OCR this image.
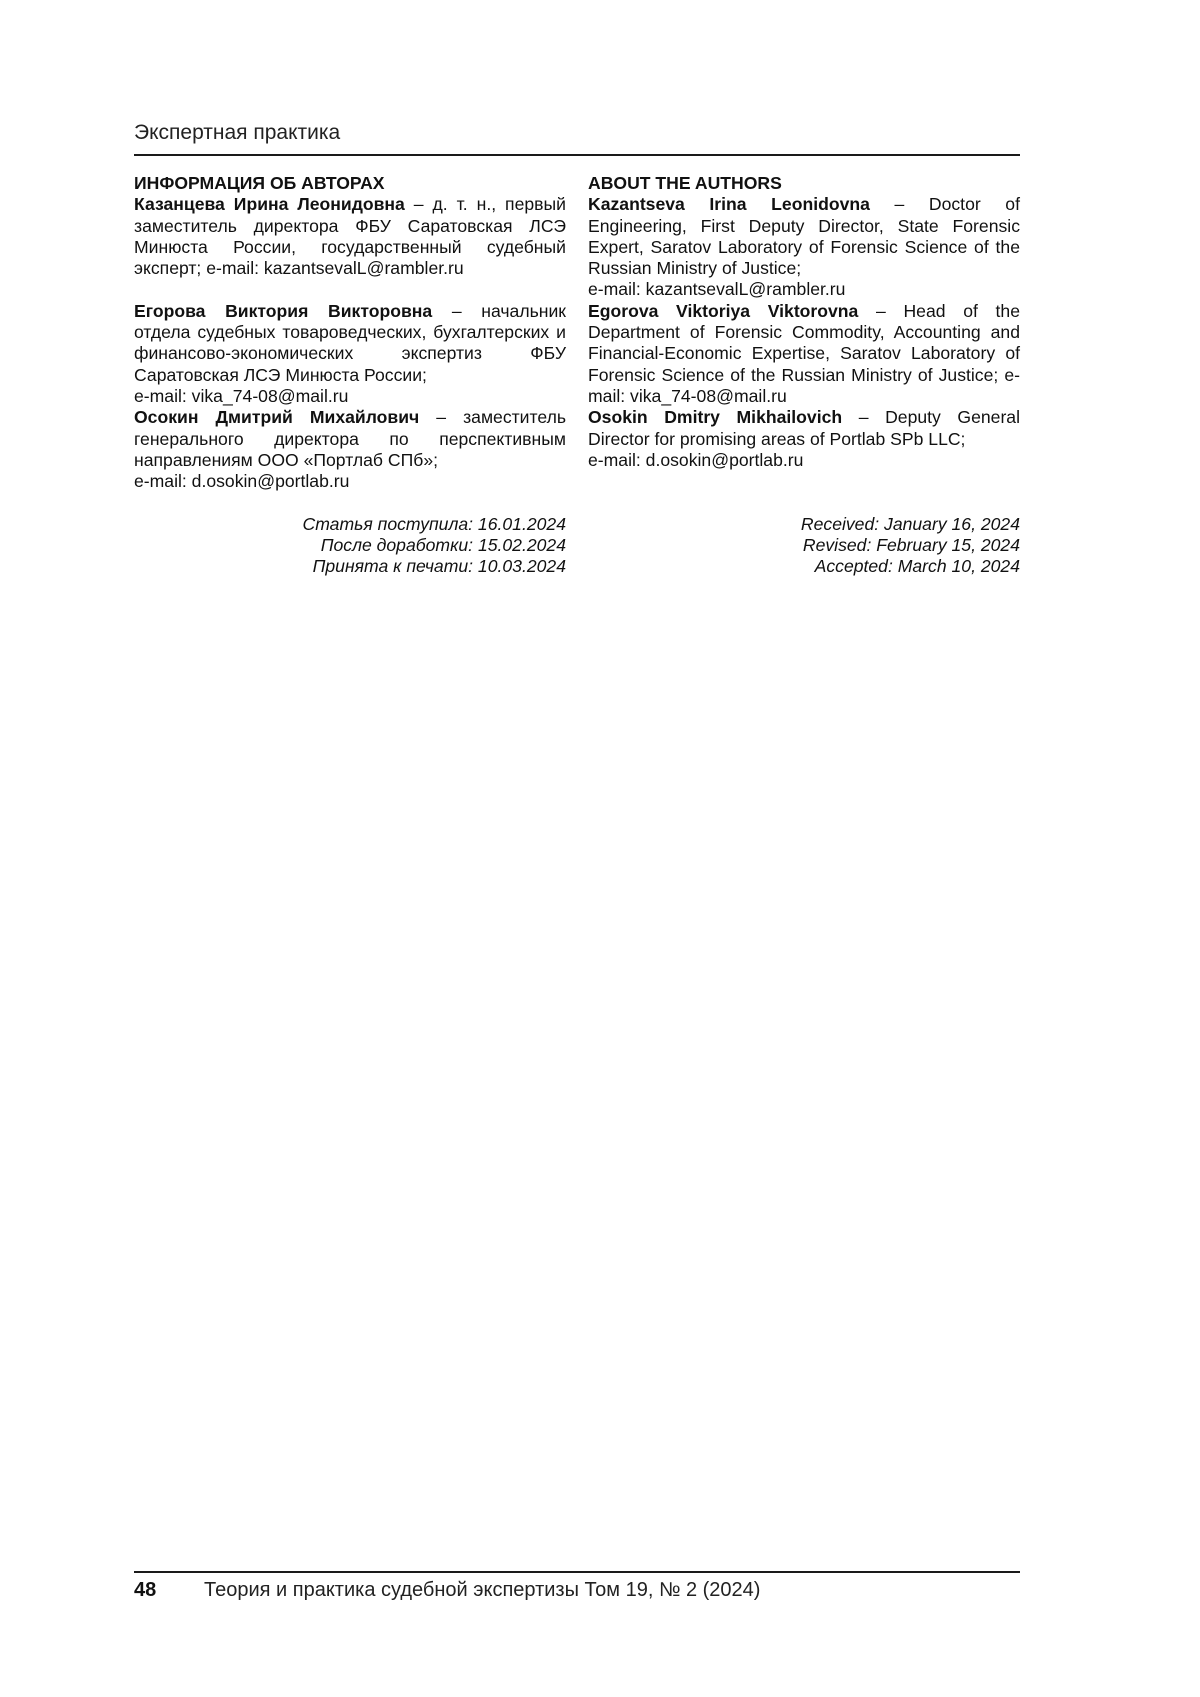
Экспертная практика
ИНФОРМАЦИЯ ОБ АВТОРАХ

Казанцева Ирина Леонидовна – д. т. н., первый заместитель директора ФБУ Саратовская ЛСЭ Минюста России, государственный судебный эксперт; e-mail: kazantsevalL@rambler.ru

Егорова Виктория Викторовна – начальник отдела судебных товароведческих, бухгалтерских и финансово-экономических экспертиз ФБУ Саратовская ЛСЭ Минюста России;

e-mail: vika_74-08@mail.ru

Осокин Дмитрий Михайлович – заместитель генерального директора по перспективным направлениям ООО «Портлаб СПб»;

e-mail: d.osokin@portlab.ru
Статья поступила: 16.01.2024
После доработки: 15.02.2024
Принята к печати: 10.03.2024
ABOUT THE AUTHORS

Kazantseva Irina Leonidovna – Doctor of Engineering, First Deputy Director, State Forensic Expert, Saratov Laboratory of Forensic Science of the Russian Ministry of Justice;

e-mail: kazantsevalL@rambler.ru

Egorova Viktoriya Viktorovna – Head of the Department of Forensic Commodity, Accounting and Financial-Economic Expertise, Saratov Laboratory of Forensic Science of the Russian Ministry of Justice; e-mail: vika_74-08@mail.ru

Osokin Dmitry Mikhailovich – Deputy General Director for promising areas of Portlab SPb LLC;

e-mail: d.osokin@portlab.ru
Received: January 16, 2024
Revised: February 15, 2024
Accepted: March 10, 2024
48 Теория и практика судебной экспертизы Том 19, № 2 (2024)
